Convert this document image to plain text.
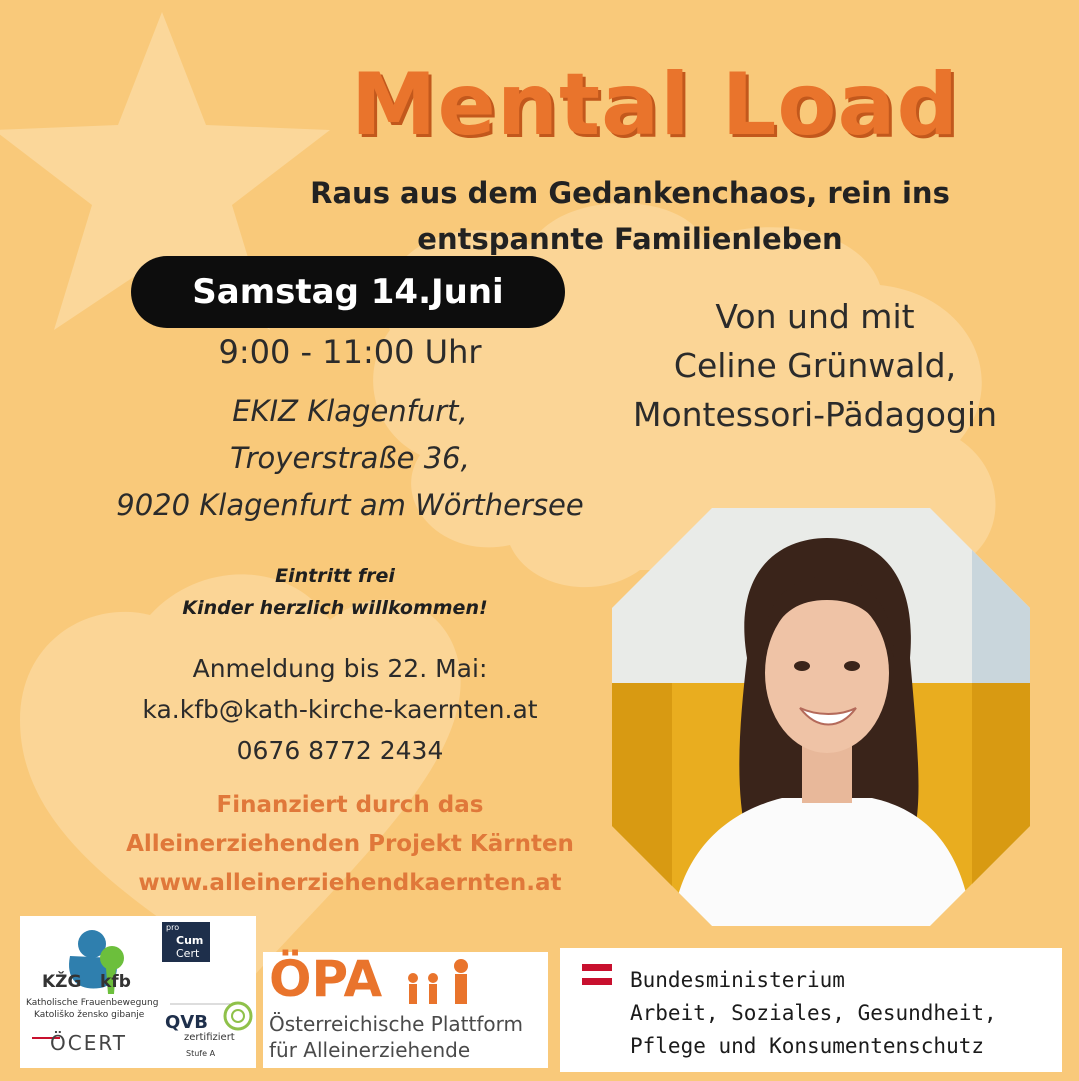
Mental Load
Raus aus dem Gedankenchaos, rein ins
entspannte Familienleben
Samstag 14.Juni
9:00 - 11:00 Uhr
EKIZ Klagenfurt,
Troyerstraße 36,
9020 Klagenfurt am Wörthersee
Von und mit
Celine Grünwald,
Montessori-Pädagogin
Eintritt frei
Kinder herzlich willkommen!
Anmeldung bis 22. Mai:
ka.kfb@kath-kirche-kaernten.at
0676 8772 2434
Finanziert durch das
Alleinerziehenden Projekt Kärnten
www.alleinerziehendkaernten.at
KŽG kfb
Katholische Frauenbewegung
Katoliško žensko gibanje
ÖCERT
pro
Cum
Cert
QVB
zertifiziert
Stufe A
ÖPA
Österreichische Plattform
für Alleinerziehende
Bundesministerium
Arbeit, Soziales, Gesundheit,
Pflege und Konsumentenschutz
